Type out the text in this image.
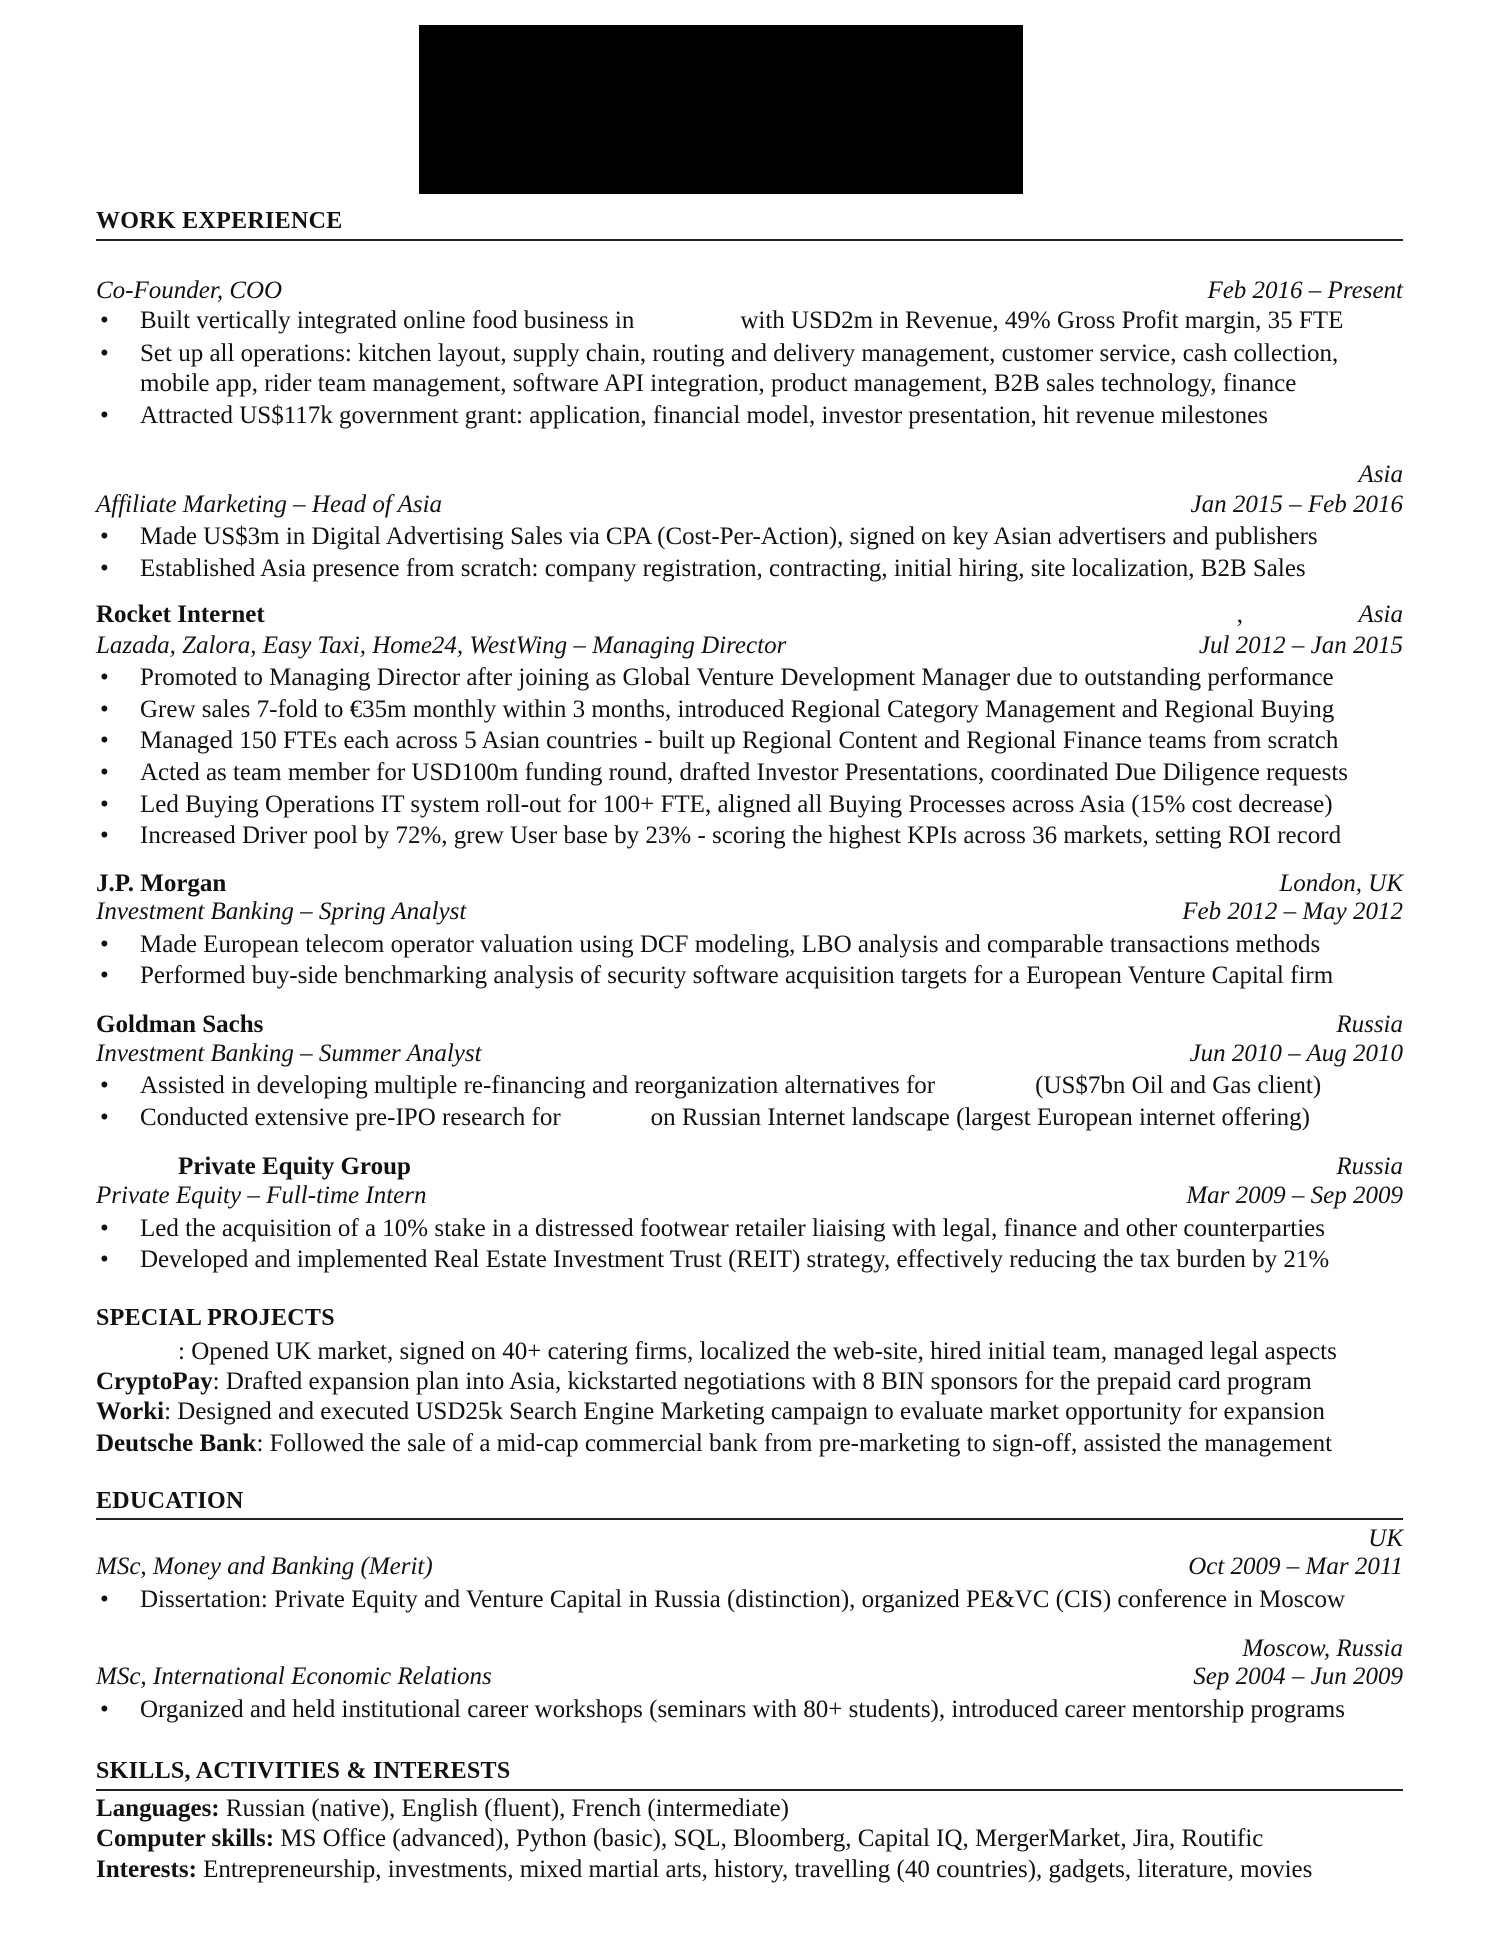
WORK EXPERIENCE
Co-Founder, COO	Feb 2016 – Present
• Built vertically integrated online food business in	with USD2m in Revenue, 49% Gross Profit margin, 35 FTE
• Set up all operations: kitchen layout, supply chain, routing and delivery management, customer service, cash collection,
mobile app, rider team management, software API integration, product management, B2B sales technology, finance
• Attracted US$117k government grant: application, financial model, investor presentation, hit revenue milestones
Asia
Affiliate Marketing – Head of Asia	Jan 2015 – Feb 2016
• Made US$3m in Digital Advertising Sales via CPA (Cost-Per-Action), signed on key Asian advertisers and publishers
• Established Asia presence from scratch: company registration, contracting, initial hiring, site localization, B2B Sales
Rocket Internet	,	Asia
Lazada, Zalora, Easy Taxi, Home24, WestWing – Managing Director	Jul 2012 – Jan 2015
• Promoted to Managing Director after joining as Global Venture Development Manager due to outstanding performance
• Grew sales 7-fold to €35m monthly within 3 months, introduced Regional Category Management and Regional Buying
• Managed 150 FTEs each across 5 Asian countries - built up Regional Content and Regional Finance teams from scratch
• Acted as team member for USD100m funding round, drafted Investor Presentations, coordinated Due Diligence requests
• Led Buying Operations IT system roll-out for 100+ FTE, aligned all Buying Processes across Asia (15% cost decrease)
• Increased Driver pool by 72%, grew User base by 23% - scoring the highest KPIs across 36 markets, setting ROI record
J.P. Morgan	London, UK
Investment Banking – Spring Analyst	Feb 2012 – May 2012
• Made European telecom operator valuation using DCF modeling, LBO analysis and comparable transactions methods
• Performed buy-side benchmarking analysis of security software acquisition targets for a European Venture Capital firm
Goldman Sachs	Russia
Investment Banking – Summer Analyst	Jun 2010 – Aug 2010
• Assisted in developing multiple re-financing and reorganization alternatives for	(US$7bn Oil and Gas client)
• Conducted extensive pre-IPO research for	on Russian Internet landscape (largest European internet offering)
Private Equity Group	Russia
Private Equity – Full-time Intern	Mar 2009 – Sep 2009
• Led the acquisition of a 10% stake in a distressed footwear retailer liaising with legal, finance and other counterparties
• Developed and implemented Real Estate Investment Trust (REIT) strategy, effectively reducing the tax burden by 21%
SPECIAL PROJECTS
: Opened UK market, signed on 40+ catering firms, localized the web-site, hired initial team, managed legal aspects
CryptoPay: Drafted expansion plan into Asia, kickstarted negotiations with 8 BIN sponsors for the prepaid card program
Worki: Designed and executed USD25k Search Engine Marketing campaign to evaluate market opportunity for expansion
Deutsche Bank: Followed the sale of a mid-cap commercial bank from pre-marketing to sign-off, assisted the management
EDUCATION
UK
MSc, Money and Banking (Merit)	Oct 2009 – Mar 2011
• Dissertation: Private Equity and Venture Capital in Russia (distinction), organized PE&VC (CIS) conference in Moscow
Moscow, Russia
MSc, International Economic Relations	Sep 2004 – Jun 2009
• Organized and held institutional career workshops (seminars with 80+ students), introduced career mentorship programs
SKILLS, ACTIVITIES & INTERESTS
Languages: Russian (native), English (fluent), French (intermediate)
Computer skills: MS Office (advanced), Python (basic), SQL, Bloomberg, Capital IQ, MergerMarket, Jira, Routific
Interests: Entrepreneurship, investments, mixed martial arts, history, travelling (40 countries), gadgets, literature, movies
